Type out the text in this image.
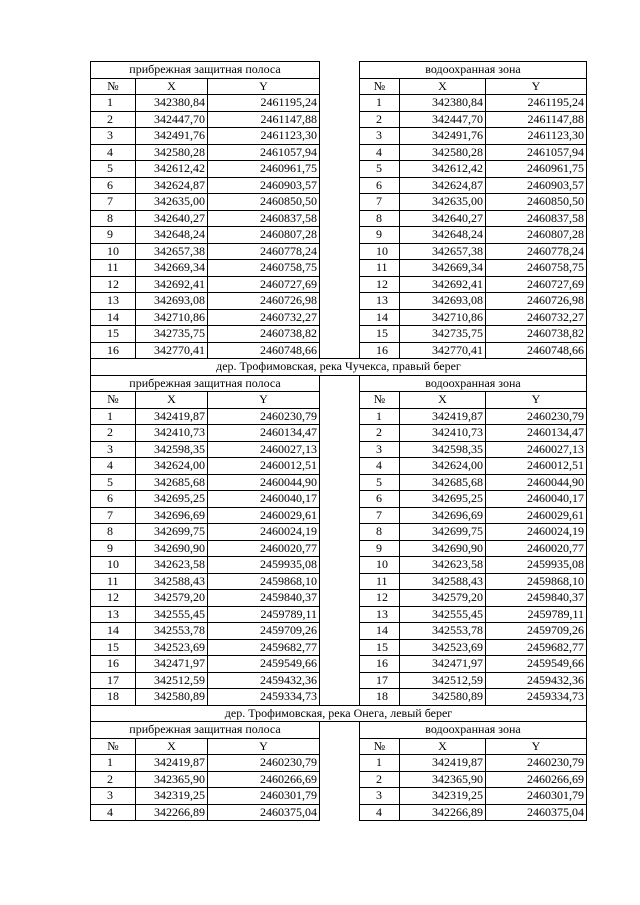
прибрежная защитная полоса				водоохранная зона		
№	X	Y		№	X	Y
1	342380,84	2461195,24		1	342380,84	2461195,24
2	342447,70	2461147,88		2	342447,70	2461147,88
3	342491,76	2461123,30		3	342491,76	2461123,30
4	342580,28	2461057,94		4	342580,28	2461057,94
5	342612,42	2460961,75		5	342612,42	2460961,75
6	342624,87	2460903,57		6	342624,87	2460903,57
7	342635,00	2460850,50		7	342635,00	2460850,50
8	342640,27	2460837,58		8	342640,27	2460837,58
9	342648,24	2460807,28		9	342648,24	2460807,28
10	342657,38	2460778,24		10	342657,38	2460778,24
11	342669,34	2460758,75		11	342669,34	2460758,75
12	342692,41	2460727,69		12	342692,41	2460727,69
13	342693,08	2460726,98		13	342693,08	2460726,98
14	342710,86	2460732,27		14	342710,86	2460732,27
15	342735,75	2460738,82		15	342735,75	2460738,82
16	342770,41	2460748,66		16	342770,41	2460748,66
дер. Трофимовская, река Чучекса, правый берег						
прибрежная защитная полоса				водоохранная зона		
№	X	Y		№	X	Y
1	342419,87	2460230,79		1	342419,87	2460230,79
2	342410,73	2460134,47		2	342410,73	2460134,47
3	342598,35	2460027,13		3	342598,35	2460027,13
4	342624,00	2460012,51		4	342624,00	2460012,51
5	342685,68	2460044,90		5	342685,68	2460044,90
6	342695,25	2460040,17		6	342695,25	2460040,17
7	342696,69	2460029,61		7	342696,69	2460029,61
8	342699,75	2460024,19		8	342699,75	2460024,19
9	342690,90	2460020,77		9	342690,90	2460020,77
10	342623,58	2459935,08		10	342623,58	2459935,08
11	342588,43	2459868,10		11	342588,43	2459868,10
12	342579,20	2459840,37		12	342579,20	2459840,37
13	342555,45	2459789,11		13	342555,45	2459789,11
14	342553,78	2459709,26		14	342553,78	2459709,26
15	342523,69	2459682,77		15	342523,69	2459682,77
16	342471,97	2459549,66		16	342471,97	2459549,66
17	342512,59	2459432,36		17	342512,59	2459432,36
18	342580,89	2459334,73		18	342580,89	2459334,73
дер. Трофимовская, река Онега, левый берег						
прибрежная защитная полоса				водоохранная зона		
№	X	Y		№	X	Y
1	342419,87	2460230,79		1	342419,87	2460230,79
2	342365,90	2460266,69		2	342365,90	2460266,69
3	342319,25	2460301,79		3	342319,25	2460301,79
4	342266,89	2460375,04		4	342266,89	2460375,04
